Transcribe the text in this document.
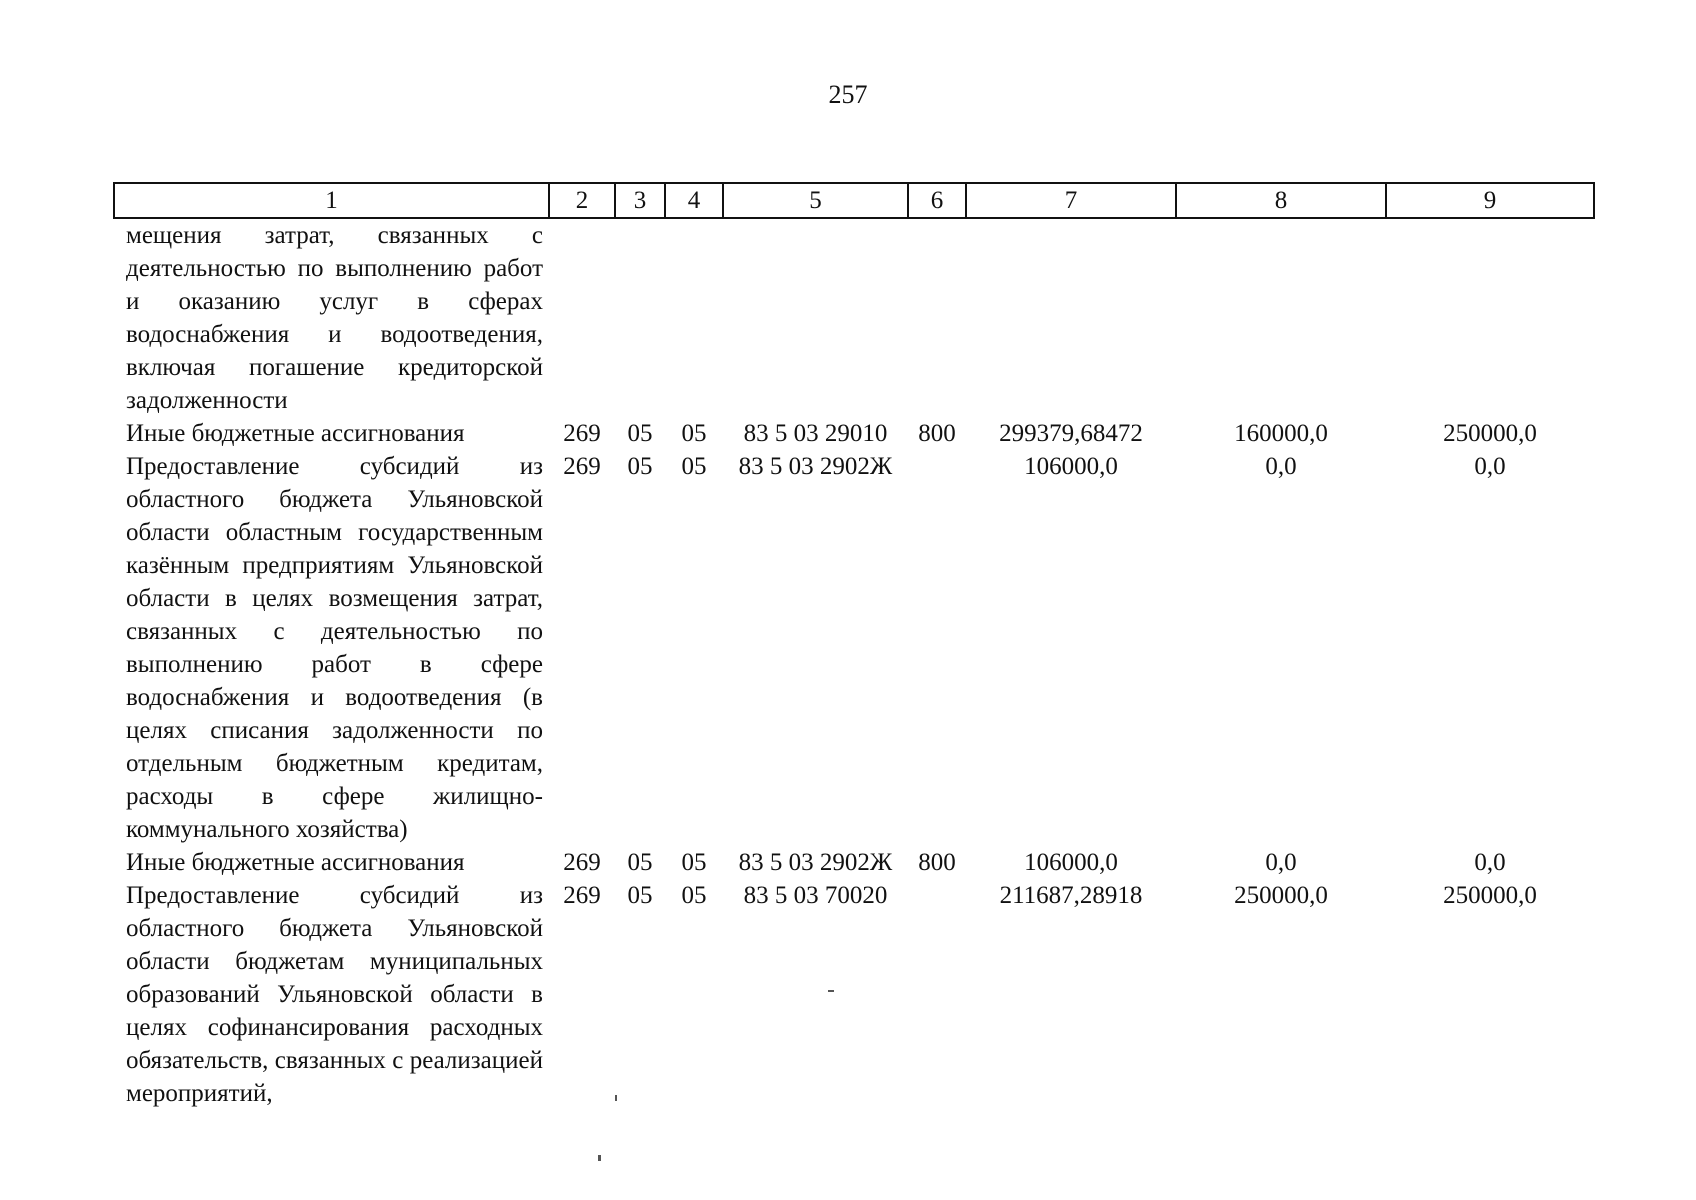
257
1	2	3	4	5	6	7	8	9
мещения затрат, связанных с деятельностью по выполнению работ и оказанию услуг в сферах водоснабжения и водоотведения, включая погашение кредиторской задолженности								
Иные бюджетные ассигнования	269	05	05	83 5 03 29010	800	299379,68472	160000,0	250000,0
Предоставление субсидий из областного бюджета Ульяновской области областным государственным казённым предприятиям Ульяновской области в целях возмещения затрат, связанных с деятельностью по выполнению работ в сфере водоснабжения и водоотведения (в целях списания задолженности по отдельным бюджетным кредитам, расходы в сфере жилищно-коммунального хозяйства)	269	05	05	83 5 03 2902Ж		106000,0	0,0	0,0
Иные бюджетные ассигнования	269	05	05	83 5 03 2902Ж	800	106000,0	0,0	0,0
Предоставление субсидий из областного бюджета Ульяновской области бюджетам муниципальных образований Ульяновской области в целях софинансирования расходных обязательств, связанных с реализацией мероприятий,	269	05	05	83 5 03 70020		211687,28918	250000,0	250000,0
